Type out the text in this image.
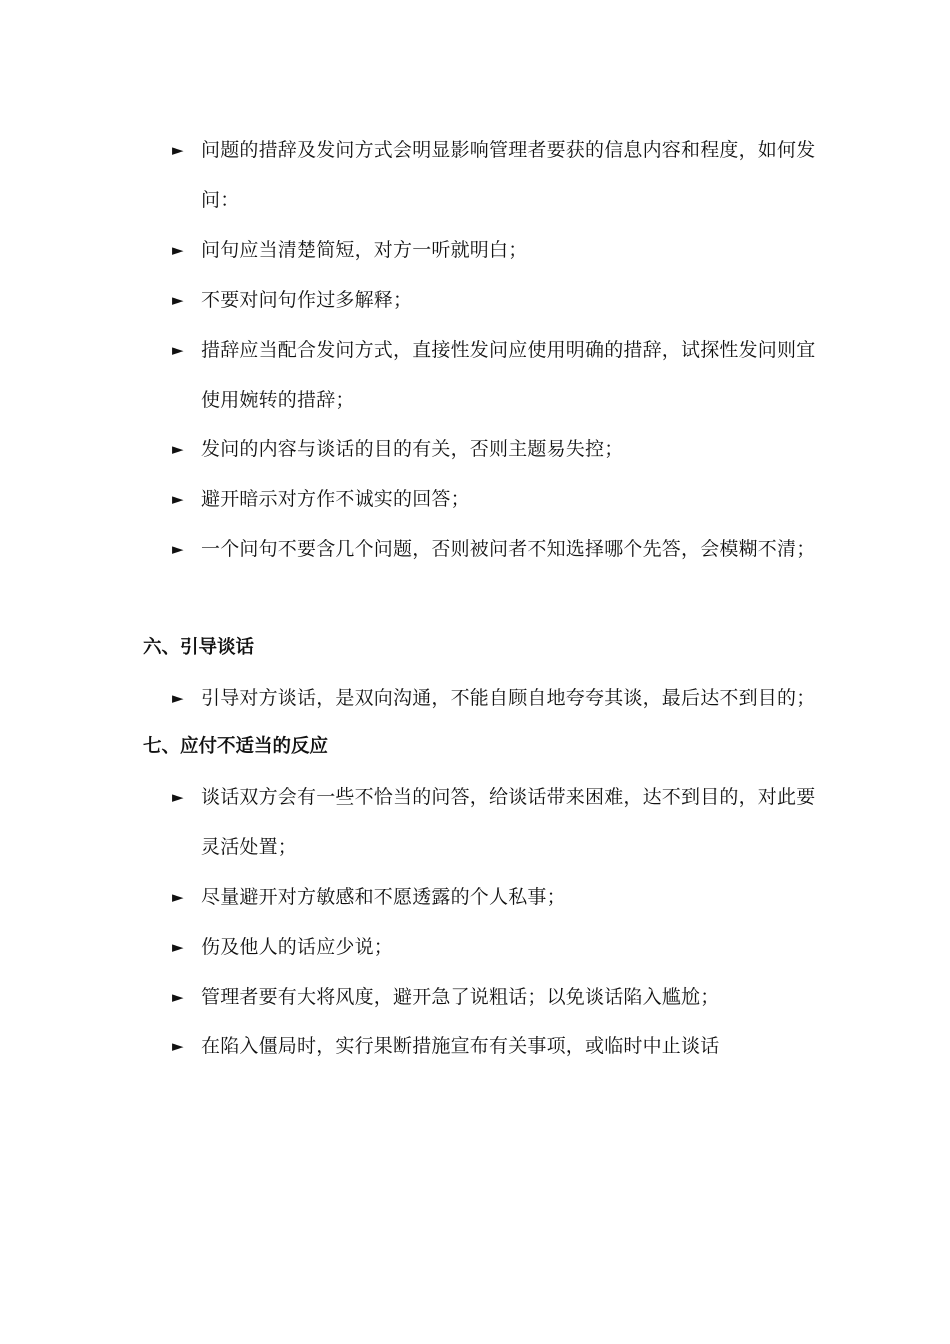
► 问题的措辞及发问方式会明显影响管理者要获的信息内容和程度，如何发问：
► 问句应当清楚简短，对方一听就明白；
► 不要对问句作过多解释；
► 措辞应当配合发问方式，直接性发问应使用明确的措辞，试探性发问则宜使用婉转的措辞；
► 发问的内容与谈话的目的有关，否则主题易失控；
► 避开暗示对方作不诚实的回答；
► 一个问句不要含几个问题，否则被问者不知选择哪个先答，会模糊不清；
六、引导谈话
► 引导对方谈话，是双向沟通，不能自顾自地夸夸其谈，最后达不到目的；
七、应付不适当的反应
► 谈话双方会有一些不恰当的问答，给谈话带来困难，达不到目的，对此要灵活处置；
► 尽量避开对方敏感和不愿透露的个人私事；
► 伤及他人的话应少说；
► 管理者要有大将风度，避开急了说粗话；以免谈话陷入尴尬；
► 在陷入僵局时，实行果断措施宣布有关事项，或临时中止谈话
